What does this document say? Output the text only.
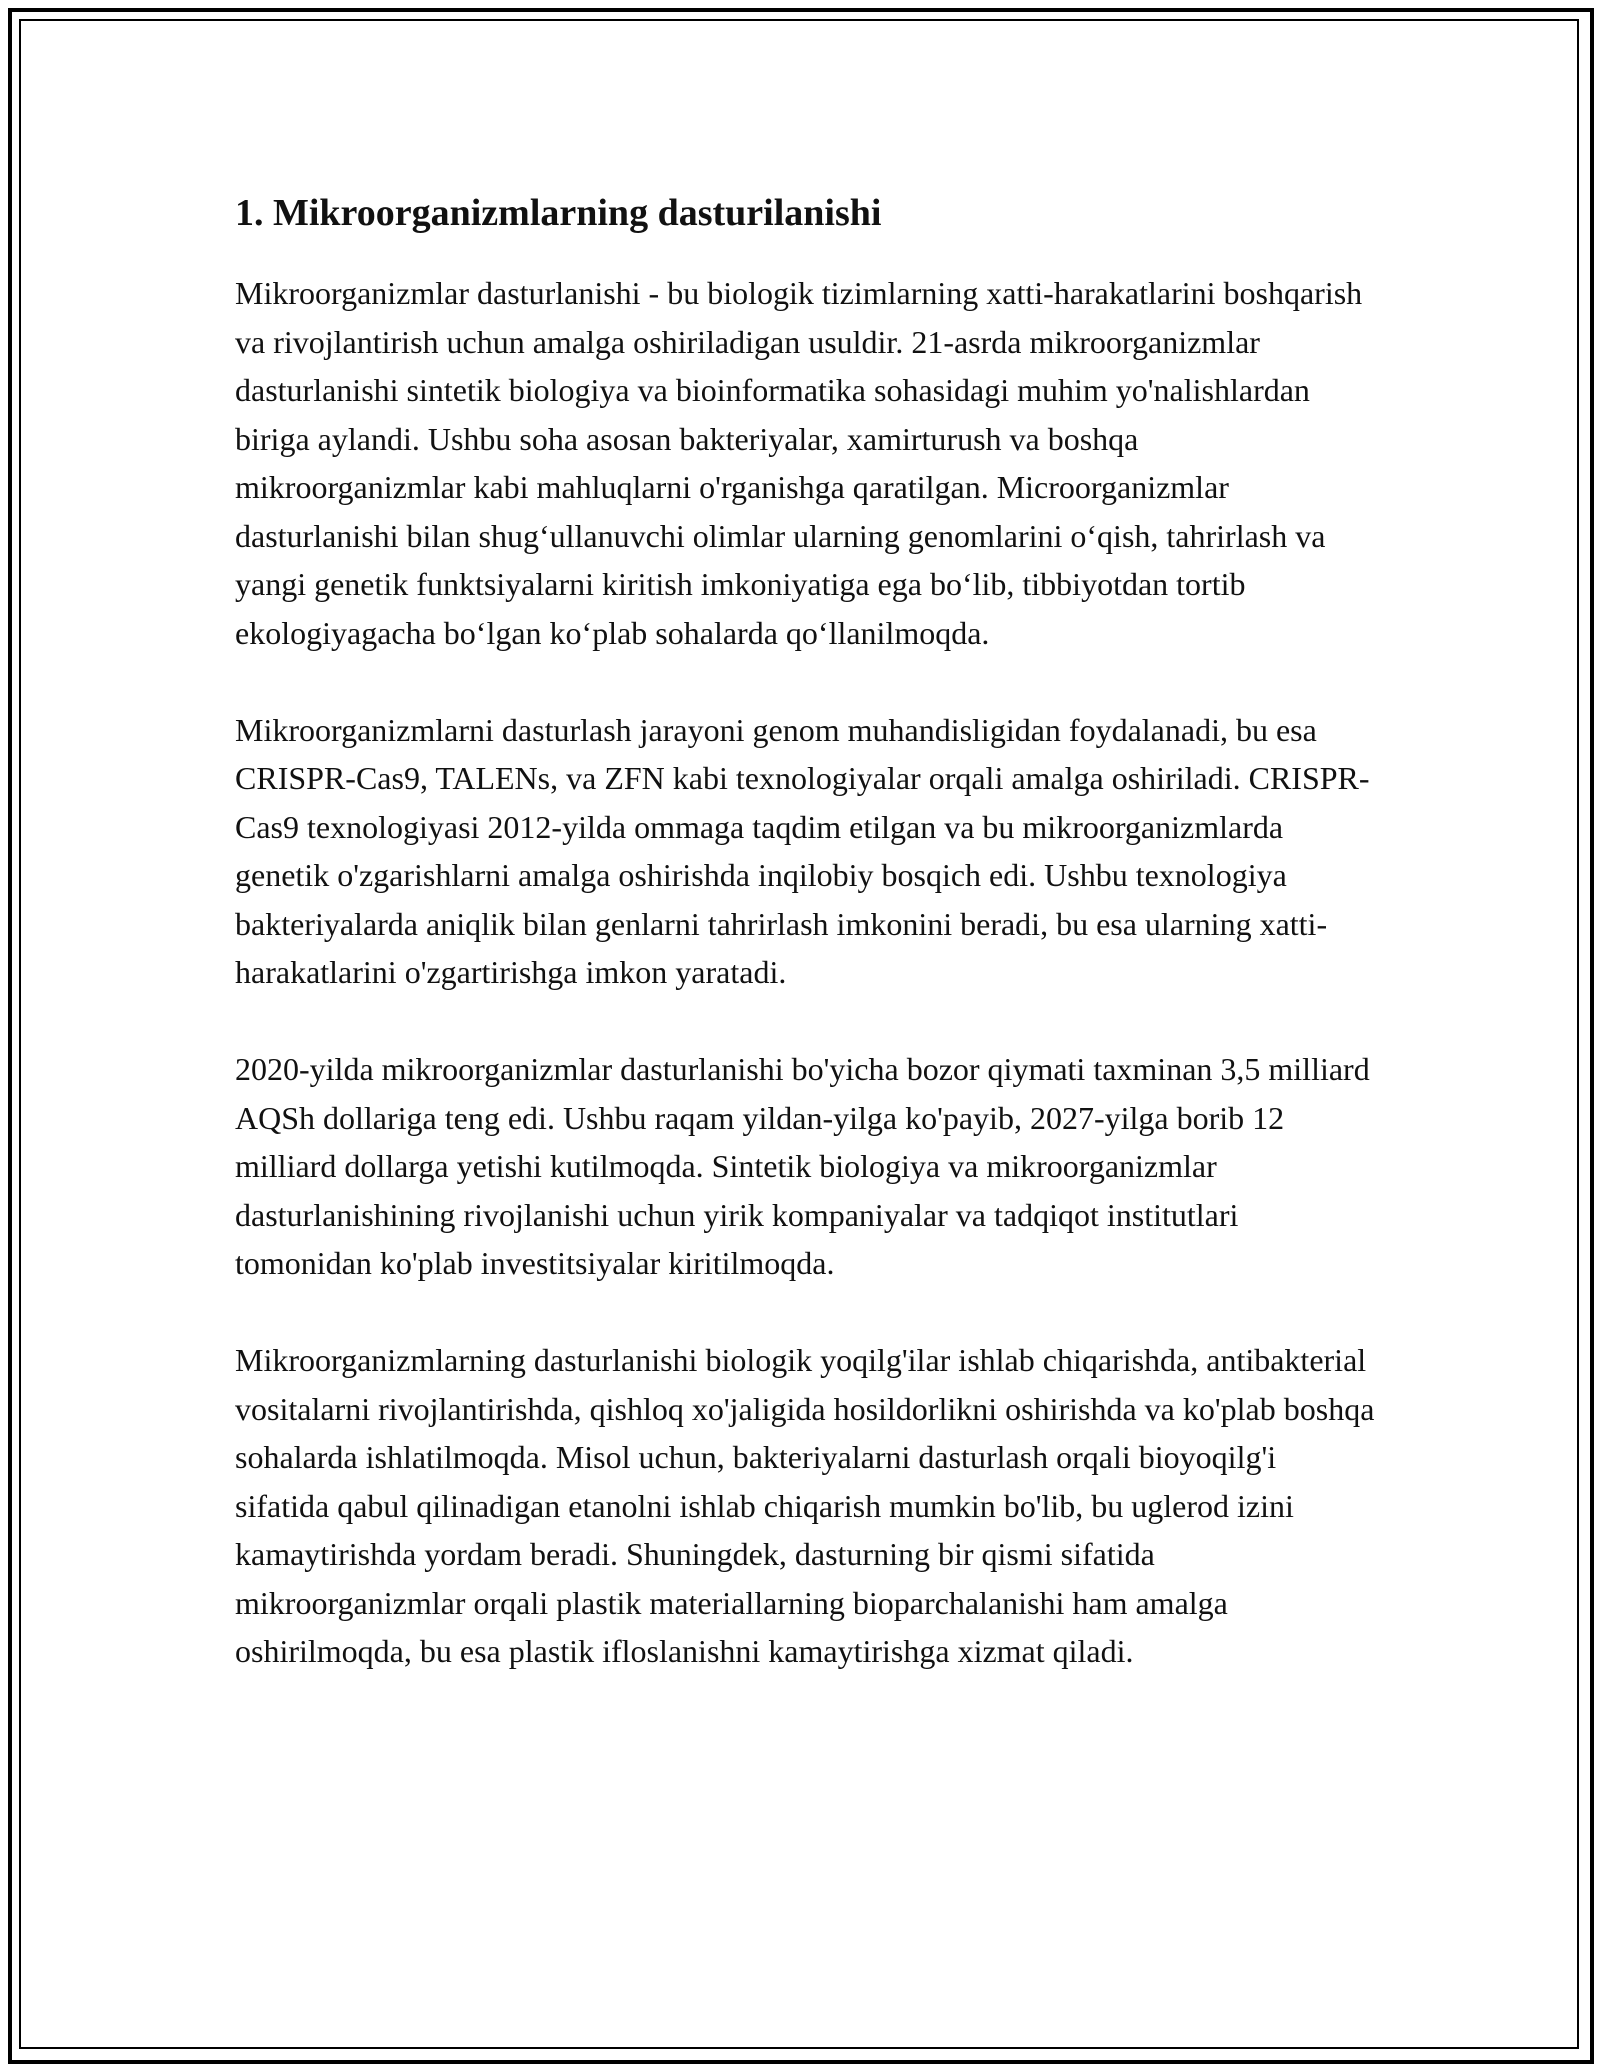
1. Mikroorganizmlarning dasturilanishi

Mikroorganizmlar dasturlanishi - bu biologik tizimlarning xatti-harakatlarini boshqarish va rivojlantirish uchun amalga oshiriladigan usuldir. 21-asrda mikroorganizmlar dasturlanishi sintetik biologiya va bioinformatika sohasidagi muhim yo'nalishlardan biriga aylandi. Ushbu soha asosan bakteriyalar, xamirturush va boshqa mikroorganizmlar kabi mahluqlarni o'rganishga qaratilgan. Microorganizmlar dasturlanishi bilan shug‘ullanuvchi olimlar ularning genomlarini o‘qish, tahrirlash va yangi genetik funktsiyalarni kiritish imkoniyatiga ega bo‘lib, tibbiyotdan tortib ekologiyagacha bo‘lgan ko‘plab sohalarda qo‘llanilmoqda.

Mikroorganizmlarni dasturlash jarayoni genom muhandisligidan foydalanadi, bu esa CRISPR-Cas9, TALENs, va ZFN kabi texnologiyalar orqali amalga oshiriladi. CRISPR-Cas9 texnologiyasi 2012-yilda ommaga taqdim etilgan va bu mikroorganizmlarda genetik o'zgarishlarni amalga oshirishda inqilobiy bosqich edi. Ushbu texnologiya bakteriyalarda aniqlik bilan genlarni tahrirlash imkonini beradi, bu esa ularning xatti-harakatlarini o'zgartirishga imkon yaratadi.

2020-yilda mikroorganizmlar dasturlanishi bo'yicha bozor qiymati taxminan 3,5 milliard AQSh dollariga teng edi. Ushbu raqam yildan-yilga ko'payib, 2027-yilga borib 12 milliard dollarga yetishi kutilmoqda. Sintetik biologiya va mikroorganizmlar dasturlanishining rivojlanishi uchun yirik kompaniyalar va tadqiqot institutlari tomonidan ko'plab investitsiyalar kiritilmoqda.

Mikroorganizmlarning dasturlanishi biologik yoqilg'ilar ishlab chiqarishda, antibakterial vositalarni rivojlantirishda, qishloq xo'jaligida hosildorlikni oshirishda va ko'plab boshqa sohalarda ishlatilmoqda. Misol uchun, bakteriyalarni dasturlash orqali bioyoqilg'i sifatida qabul qilinadigan etanolni ishlab chiqarish mumkin bo'lib, bu uglerod izini kamaytirishda yordam beradi. Shuningdek, dasturning bir qismi sifatida mikroorganizmlar orqali plastik materiallarning bioparchalanishi ham amalga oshirilmoqda, bu esa plastik ifloslanishni kamaytirishga xizmat qiladi.
